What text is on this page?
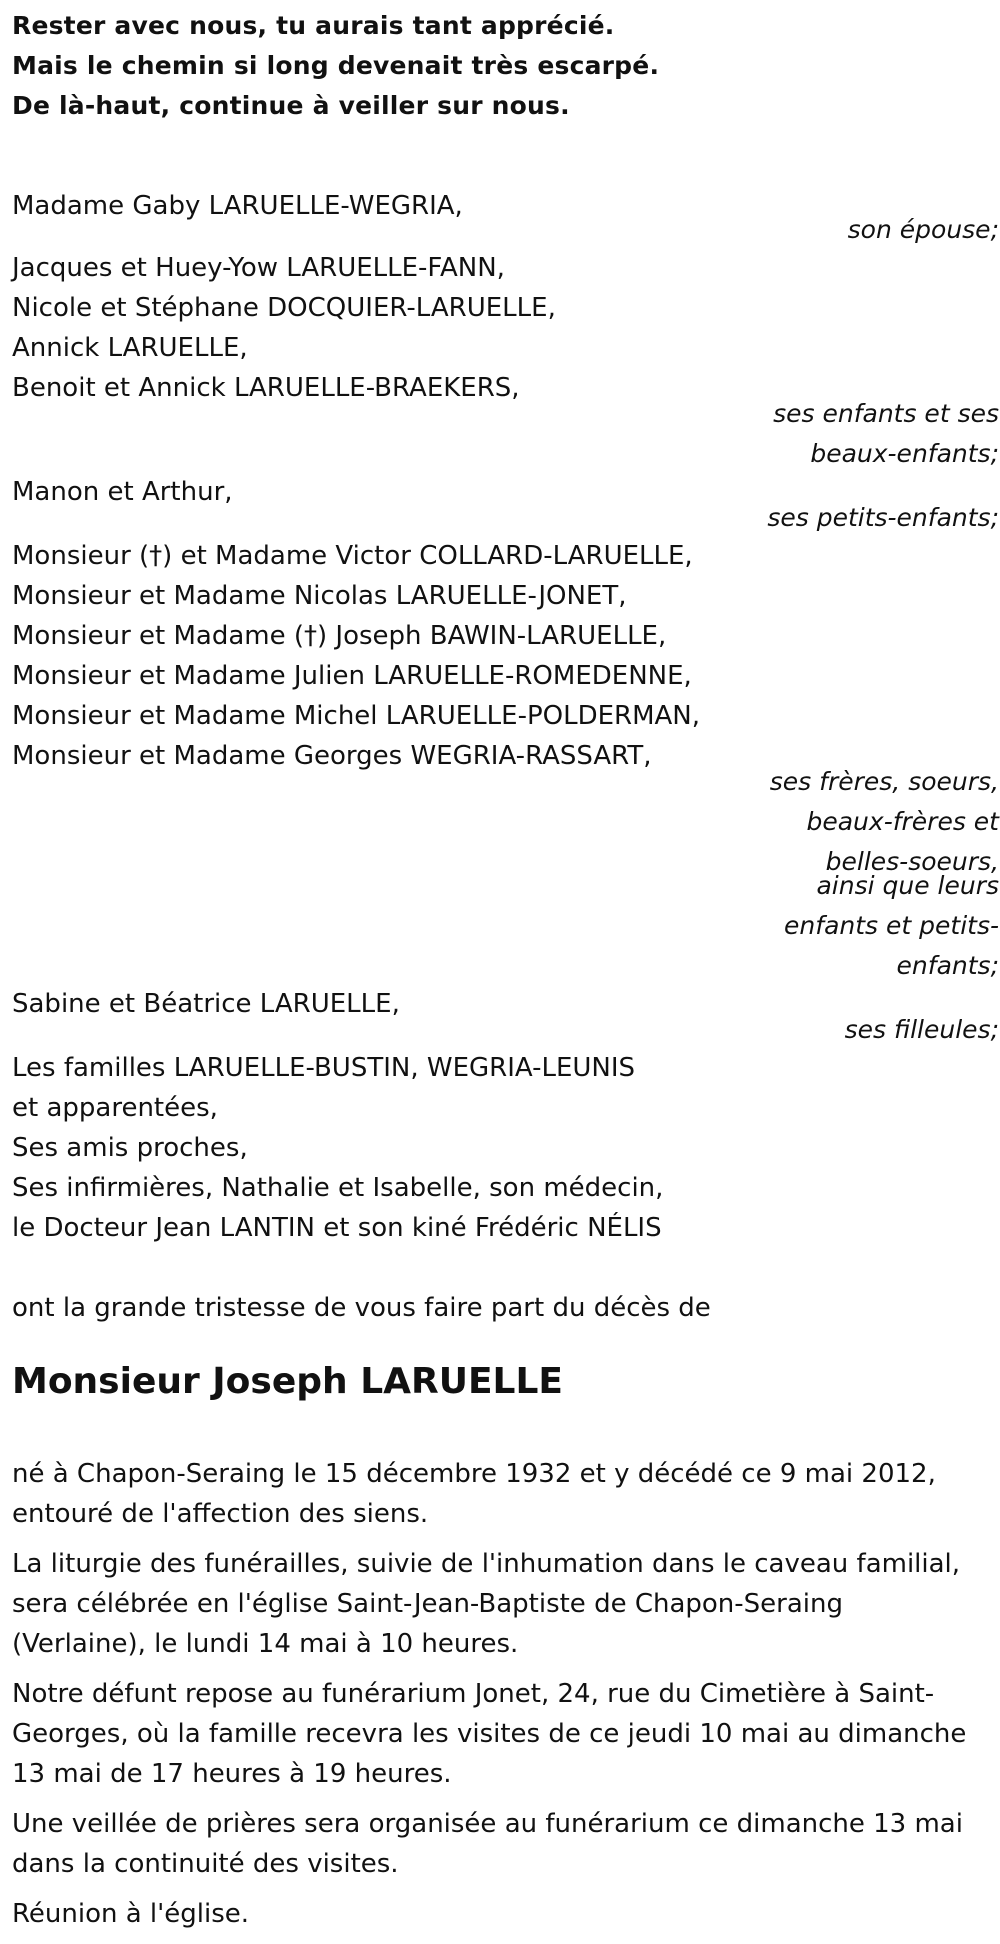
Rester avec nous, tu aurais tant apprécié.
Mais le chemin si long devenait très escarpé.
De là-haut, continue à veiller sur nous.
Madame Gaby LARUELLE-WEGRIA,
son épouse;
Jacques et Huey-Yow LARUELLE-FANN,
Nicole et Stéphane DOCQUIER-LARUELLE,
Annick LARUELLE,
Benoit et Annick LARUELLE-BRAEKERS,
ses enfants et ses
beaux-enfants;
Manon et Arthur,
ses petits-enfants;
Monsieur (†) et Madame Victor COLLARD-LARUELLE,
Monsieur et Madame Nicolas LARUELLE-JONET,
Monsieur et Madame (†) Joseph BAWIN-LARUELLE,
Monsieur et Madame Julien LARUELLE-ROMEDENNE,
Monsieur et Madame Michel LARUELLE-POLDERMAN,
Monsieur et Madame Georges WEGRIA-RASSART,
ses frères, soeurs,
beaux-frères et
belles-soeurs,
ainsi que leurs
enfants et petits-
enfants;
Sabine et Béatrice LARUELLE,
ses filleules;
Les familles LARUELLE-BUSTIN, WEGRIA-LEUNIS
et apparentées,
Ses amis proches,
Ses infirmières, Nathalie et Isabelle, son médecin,
le Docteur Jean LANTIN et son kiné Frédéric NÉLIS
ont la grande tristesse de vous faire part du décès de
Monsieur Joseph LARUELLE
né à Chapon-Seraing le 15 décembre 1932 et y décédé ce 9 mai 2012,
entouré de l'affection des siens.
La liturgie des funérailles, suivie de l'inhumation dans le caveau familial,
sera célébrée en l'église Saint-Jean-Baptiste de Chapon-Seraing
(Verlaine), le lundi 14 mai à 10 heures.
Notre défunt repose au funérarium Jonet, 24, rue du Cimetière à Saint-
Georges, où la famille recevra les visites de ce jeudi 10 mai au dimanche
13 mai de 17 heures à 19 heures.
Une veillée de prières sera organisée au funérarium ce dimanche 13 mai
dans la continuité des visites.
Réunion à l'église.
